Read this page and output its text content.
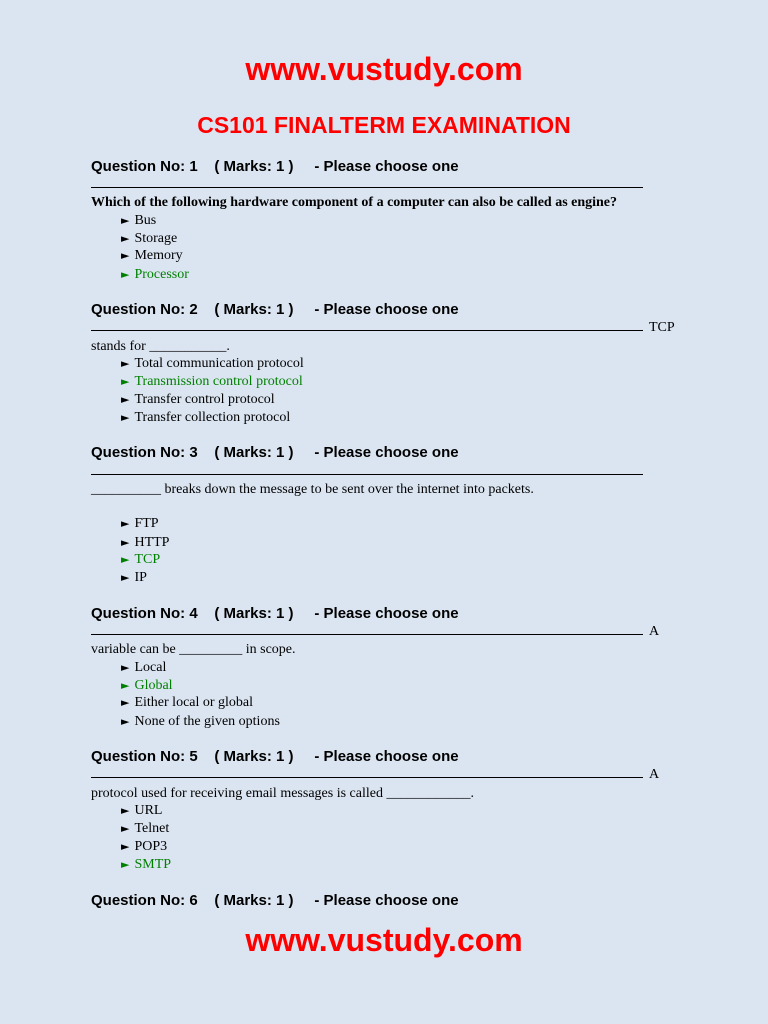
www.vustudy.com
CS101 FINALTERM EXAMINATION
Question No: 1    ( Marks: 1 )     - Please choose one
Which of the following hardware component of a computer can also be called as engine?
► Bus
► Storage
► Memory
► Processor
Question No: 2    ( Marks: 1 )     - Please choose one
TCP
stands for ___________.
► Total communication protocol
► Transmission control protocol
► Transfer control protocol
► Transfer collection protocol
Question No: 3    ( Marks: 1 )     - Please choose one
__________ breaks down the message to be sent over the internet into packets.
► FTP
► HTTP
► TCP
► IP
Question No: 4    ( Marks: 1 )     - Please choose one
A
variable can be _________ in scope.
► Local
► Global
► Either local or global
► None of the given options
Question No: 5    ( Marks: 1 )     - Please choose one
A
protocol used for receiving email messages is called ____________.
► URL
► Telnet
► POP3
► SMTP
Question No: 6    ( Marks: 1 )     - Please choose one
www.vustudy.com
